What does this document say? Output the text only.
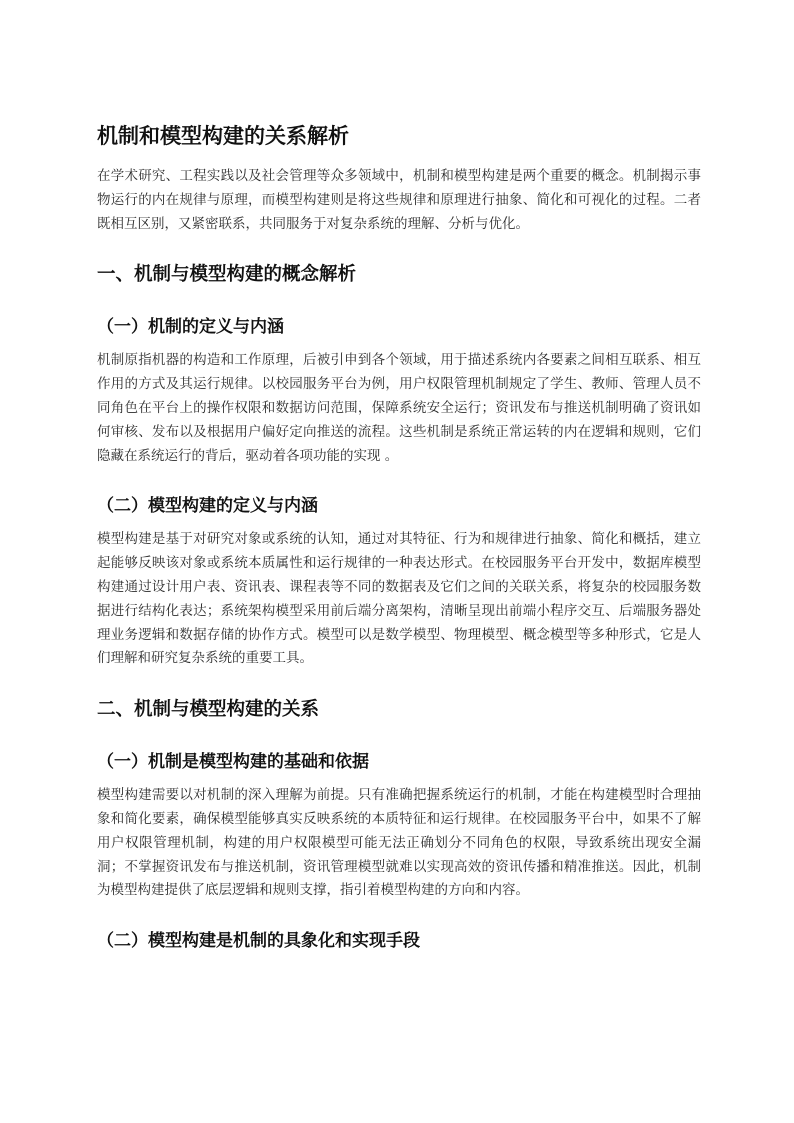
机制和模型构建的关系解析

在学术研究、工程实践以及社会管理等众多领域中，机制和模型构建是两个重要的概念。机制揭示事物运行的内在规律与原理，而模型构建则是将这些规律和原理进行抽象、简化和可视化的过程。二者既相互区别，又紧密联系，共同服务于对复杂系统的理解、分析与优化。

一、机制与模型构建的概念解析
（一）机制的定义与内涵

机制原指机器的构造和工作原理，后被引申到各个领域，用于描述系统内各要素之间相互联系、相互作用的方式及其运行规律。以校园服务平台为例，用户权限管理机制规定了学生、教师、管理人员不同角色在平台上的操作权限和数据访问范围，保障系统安全运行；资讯发布与推送机制明确了资讯如何审核、发布以及根据用户偏好定向推送的流程。这些机制是系统正常运转的内在逻辑和规则，它们隐藏在系统运行的背后，驱动着各项功能的实现 。

（二）模型构建的定义与内涵

模型构建是基于对研究对象或系统的认知，通过对其特征、行为和规律进行抽象、简化和概括，建立起能够反映该对象或系统本质属性和运行规律的一种表达形式。在校园服务平台开发中，数据库模型构建通过设计用户表、资讯表、课程表等不同的数据表及它们之间的关联关系，将复杂的校园服务数据进行结构化表达；系统架构模型采用前后端分离架构，清晰呈现出前端小程序交互、后端服务器处理业务逻辑和数据存储的协作方式。模型可以是数学模型、物理模型、概念模型等多种形式，它是人们理解和研究复杂系统的重要工具。

二、机制与模型构建的关系
（一）机制是模型构建的基础和依据

模型构建需要以对机制的深入理解为前提。只有准确把握系统运行的机制，才能在构建模型时合理抽象和简化要素，确保模型能够真实反映系统的本质特征和运行规律。在校园服务平台中，如果不了解用户权限管理机制，构建的用户权限模型可能无法正确划分不同角色的权限，导致系统出现安全漏洞；不掌握资讯发布与推送机制，资讯管理模型就难以实现高效的资讯传播和精准推送。因此，机制为模型构建提供了底层逻辑和规则支撑，指引着模型构建的方向和内容。

（二）模型构建是机制的具象化和实现手段
